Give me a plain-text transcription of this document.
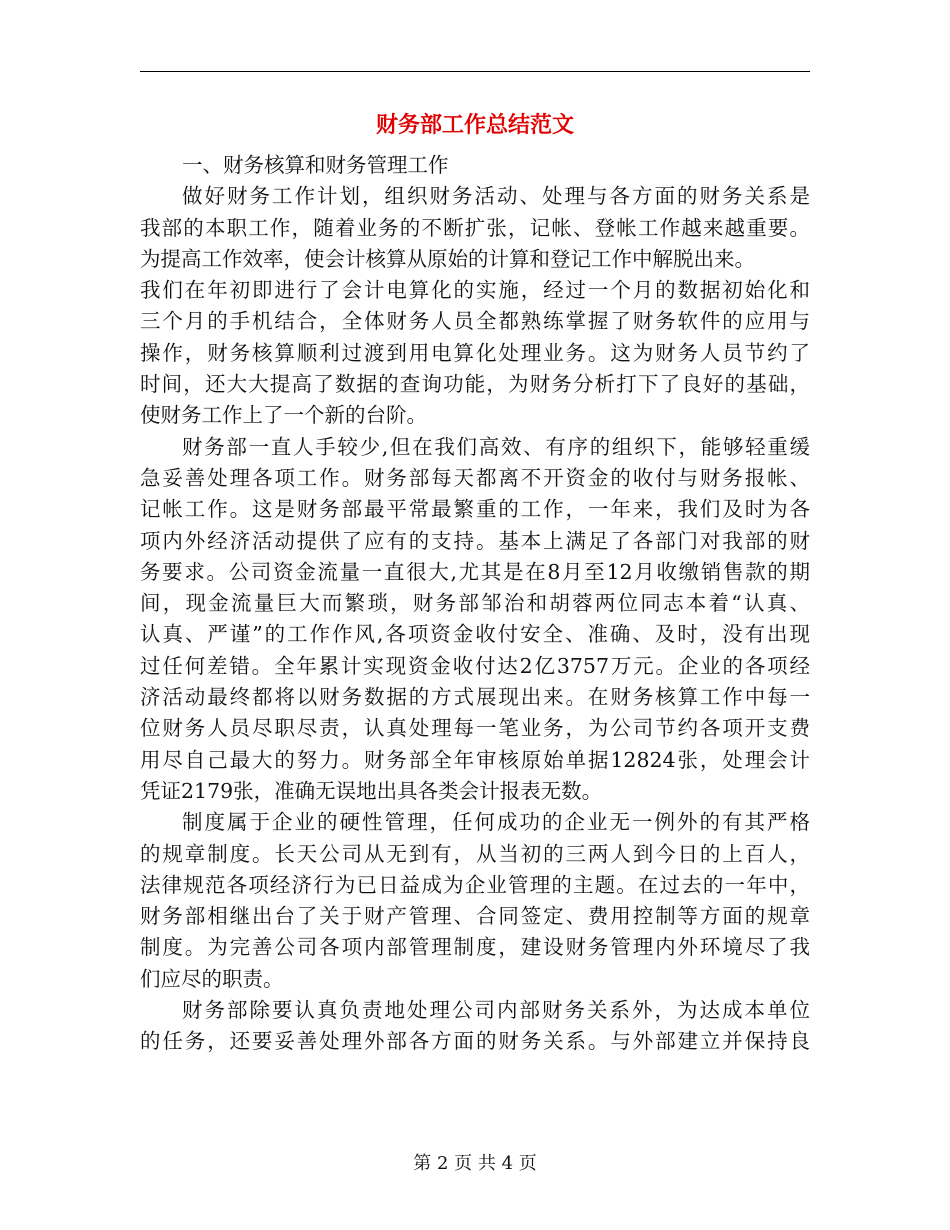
财务部工作总结范文
一、财务核算和财务管理工作
做好财务工作计划，组织财务活动、处理与各方面的财务关系是
我部的本职工作，随着业务的不断扩张，记帐、登帐工作越来越重要。
为提高工作效率，使会计核算从原始的计算和登记工作中解脱出来。
我们在年初即进行了会计电算化的实施，经过一个月的数据初始化和
三个月的手机结合，全体财务人员全都熟练掌握了财务软件的应用与
操作，财务核算顺利过渡到用电算化处理业务。这为财务人员节约了
时间，还大大提高了数据的查询功能，为财务分析打下了良好的基础，
使财务工作上了一个新的台阶。
财务部一直人手较少,但在我们高效、有序的组织下，能够轻重缓
急妥善处理各项工作。财务部每天都离不开资金的收付与财务报帐、
记帐工作。这是财务部最平常最繁重的工作，一年来，我们及时为各
项内外经济活动提供了应有的支持。基本上满足了各部门对我部的财
务要求。公司资金流量一直很大,尤其是在8月至12月收缴销售款的期
间，现金流量巨大而繁琐，财务部邹治和胡蓉两位同志本着“认真、
认真、严谨”的工作作风,各项资金收付安全、准确、及时，没有出现
过任何差错。全年累计实现资金收付达2亿3757万元。企业的各项经
济活动最终都将以财务数据的方式展现出来。在财务核算工作中每一
位财务人员尽职尽责，认真处理每一笔业务，为公司节约各项开支费
用尽自己最大的努力。财务部全年审核原始单据12824张，处理会计
凭证2179张，准确无误地出具各类会计报表无数。
制度属于企业的硬性管理，任何成功的企业无一例外的有其严格
的规章制度。长天公司从无到有，从当初的三两人到今日的上百人，
法律规范各项经济行为已日益成为企业管理的主题。在过去的一年中，
财务部相继出台了关于财产管理、合同签定、费用控制等方面的规章
制度。为完善公司各项内部管理制度，建设财务管理内外环境尽了我
们应尽的职责。
财务部除要认真负责地处理公司内部财务关系外，为达成本单位
的任务，还要妥善处理外部各方面的财务关系。与外部建立并保持良
第 2 页 共 4 页
